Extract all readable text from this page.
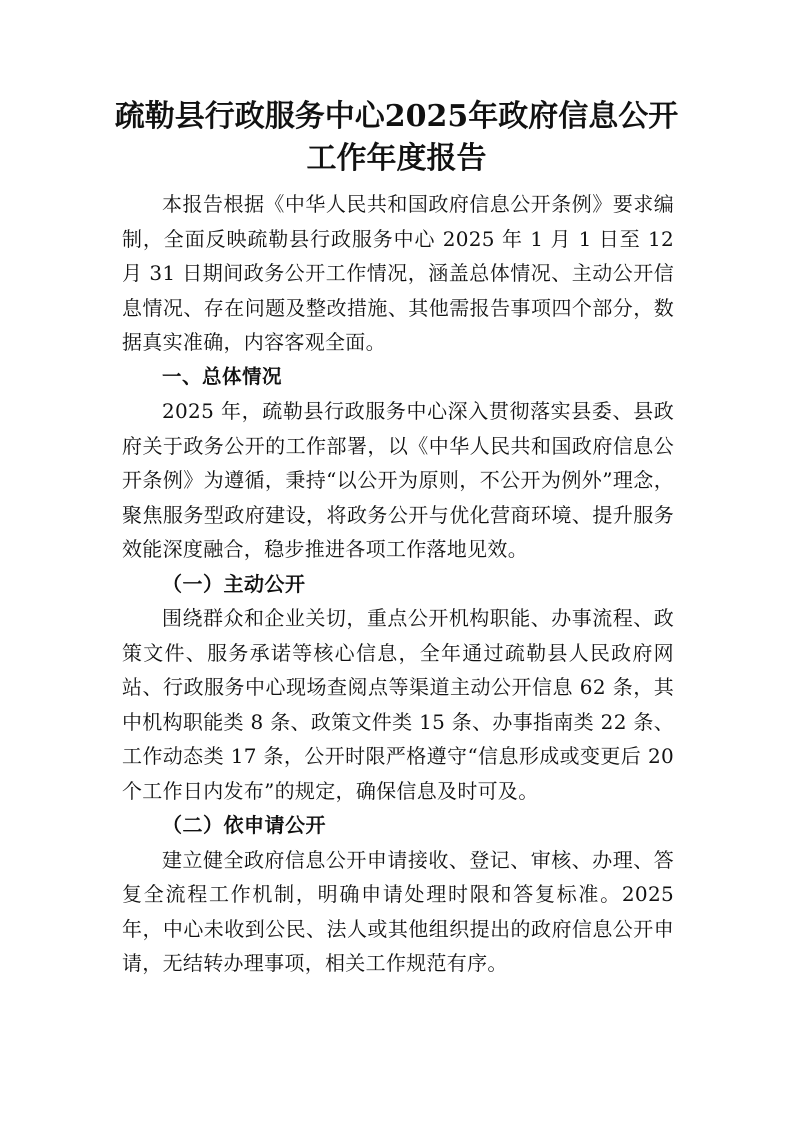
疏勒县行政服务中心2025年政府信息公开
工作年度报告

本报告根据《中华人民共和国政府信息公开条例》要求编制，全面反映疏勒县行政服务中心 2025 年 1 月 1 日至 12 月 31 日期间政务公开工作情况，涵盖总体情况、主动公开信息情况、存在问题及整改措施、其他需报告事项四个部分，数据真实准确，内容客观全面。

一、总体情况

2025 年，疏勒县行政服务中心深入贯彻落实县委、县政府关于政务公开的工作部署，以《中华人民共和国政府信息公开条例》为遵循，秉持“以公开为原则，不公开为例外”理念，聚焦服务型政府建设，将政务公开与优化营商环境、提升服务效能深度融合，稳步推进各项工作落地见效。

（一）主动公开

围绕群众和企业关切，重点公开机构职能、办事流程、政策文件、服务承诺等核心信息，全年通过疏勒县人民政府网站、行政服务中心现场查阅点等渠道主动公开信息 62 条，其中机构职能类 8 条、政策文件类 15 条、办事指南类 22 条、工作动态类 17 条，公开时限严格遵守“信息形成或变更后 20 个工作日内发布”的规定，确保信息及时可及。

（二）依申请公开

建立健全政府信息公开申请接收、登记、审核、办理、答复全流程工作机制，明确申请处理时限和答复标准。2025 年，中心未收到公民、法人或其他组织提出的政府信息公开申请，无结转办理事项，相关工作规范有序。
